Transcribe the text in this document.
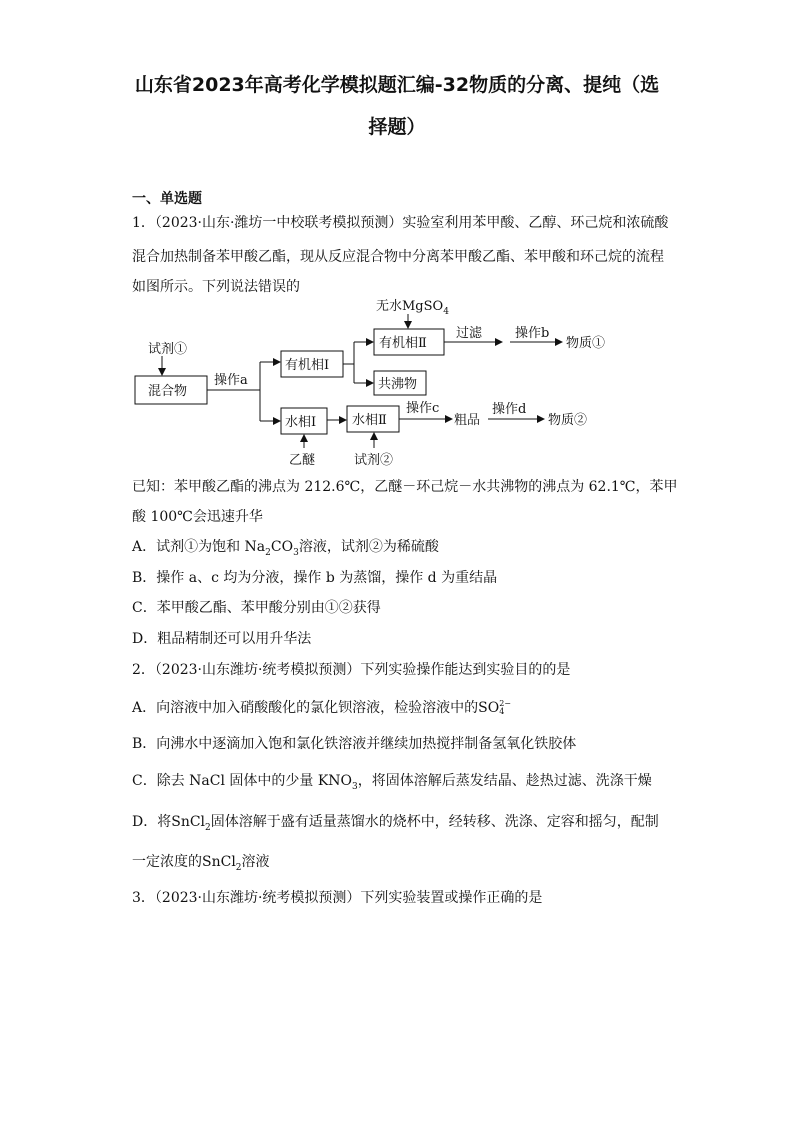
山东省2023年高考化学模拟题汇编-32物质的分离、提纯（选
择题）
一、单选题
1．（2023·山东·潍坊一中校联考模拟预测）实验室利用苯甲酸、乙醇、环己烷和浓硫酸
混合加热制备苯甲酸乙酯，现从反应混合物中分离苯甲酸乙酯、苯甲酸和环己烷的流程
如图所示。下列说法错误的
试剂①
混合物
操作a
有机相Ⅰ
水相Ⅰ
无水MgSO$_4$
有机相Ⅱ
过滤	操作b
物质①
共沸物
水相Ⅱ
操作c
粗品
操作d
物质②
乙醚	试剂②
已知：苯甲酸乙酯的沸点为 212.6℃，乙醚－环己烷－水共沸物的沸点为 62.1℃，苯甲
酸 100℃会迅速升华
A．试剂①为饱和 $Na_2CO_3$溶液，试剂②为稀硫酸
B．操作 a、c 均为分液，操作 b 为蒸馏，操作 d 为重结晶
C．苯甲酸乙酯、苯甲酸分别由①②获得
D．粗品精制还可以用升华法
2．（2023·山东潍坊·统考模拟预测）下列实验操作能达到实验目的的是
A．向溶液中加入硝酸酸化的氯化钡溶液，检验溶液中的SO2−
4
B．向沸水中逐滴加入饱和氯化铁溶液并继续加热搅拌制备氢氧化铁胶体
C．除去 NaCl 固体中的少量 $KNO_3$，将固体溶解后蒸发结晶、趁热过滤、洗涤干燥
D．将SnCl$_2$固体溶解于盛有适量蒸馏水的烧杯中，经转移、洗涤、定容和摇匀，配制
一定浓度的SnCl$_2$溶液
3．（2023·山东潍坊·统考模拟预测）下列实验装置或操作正确的是
